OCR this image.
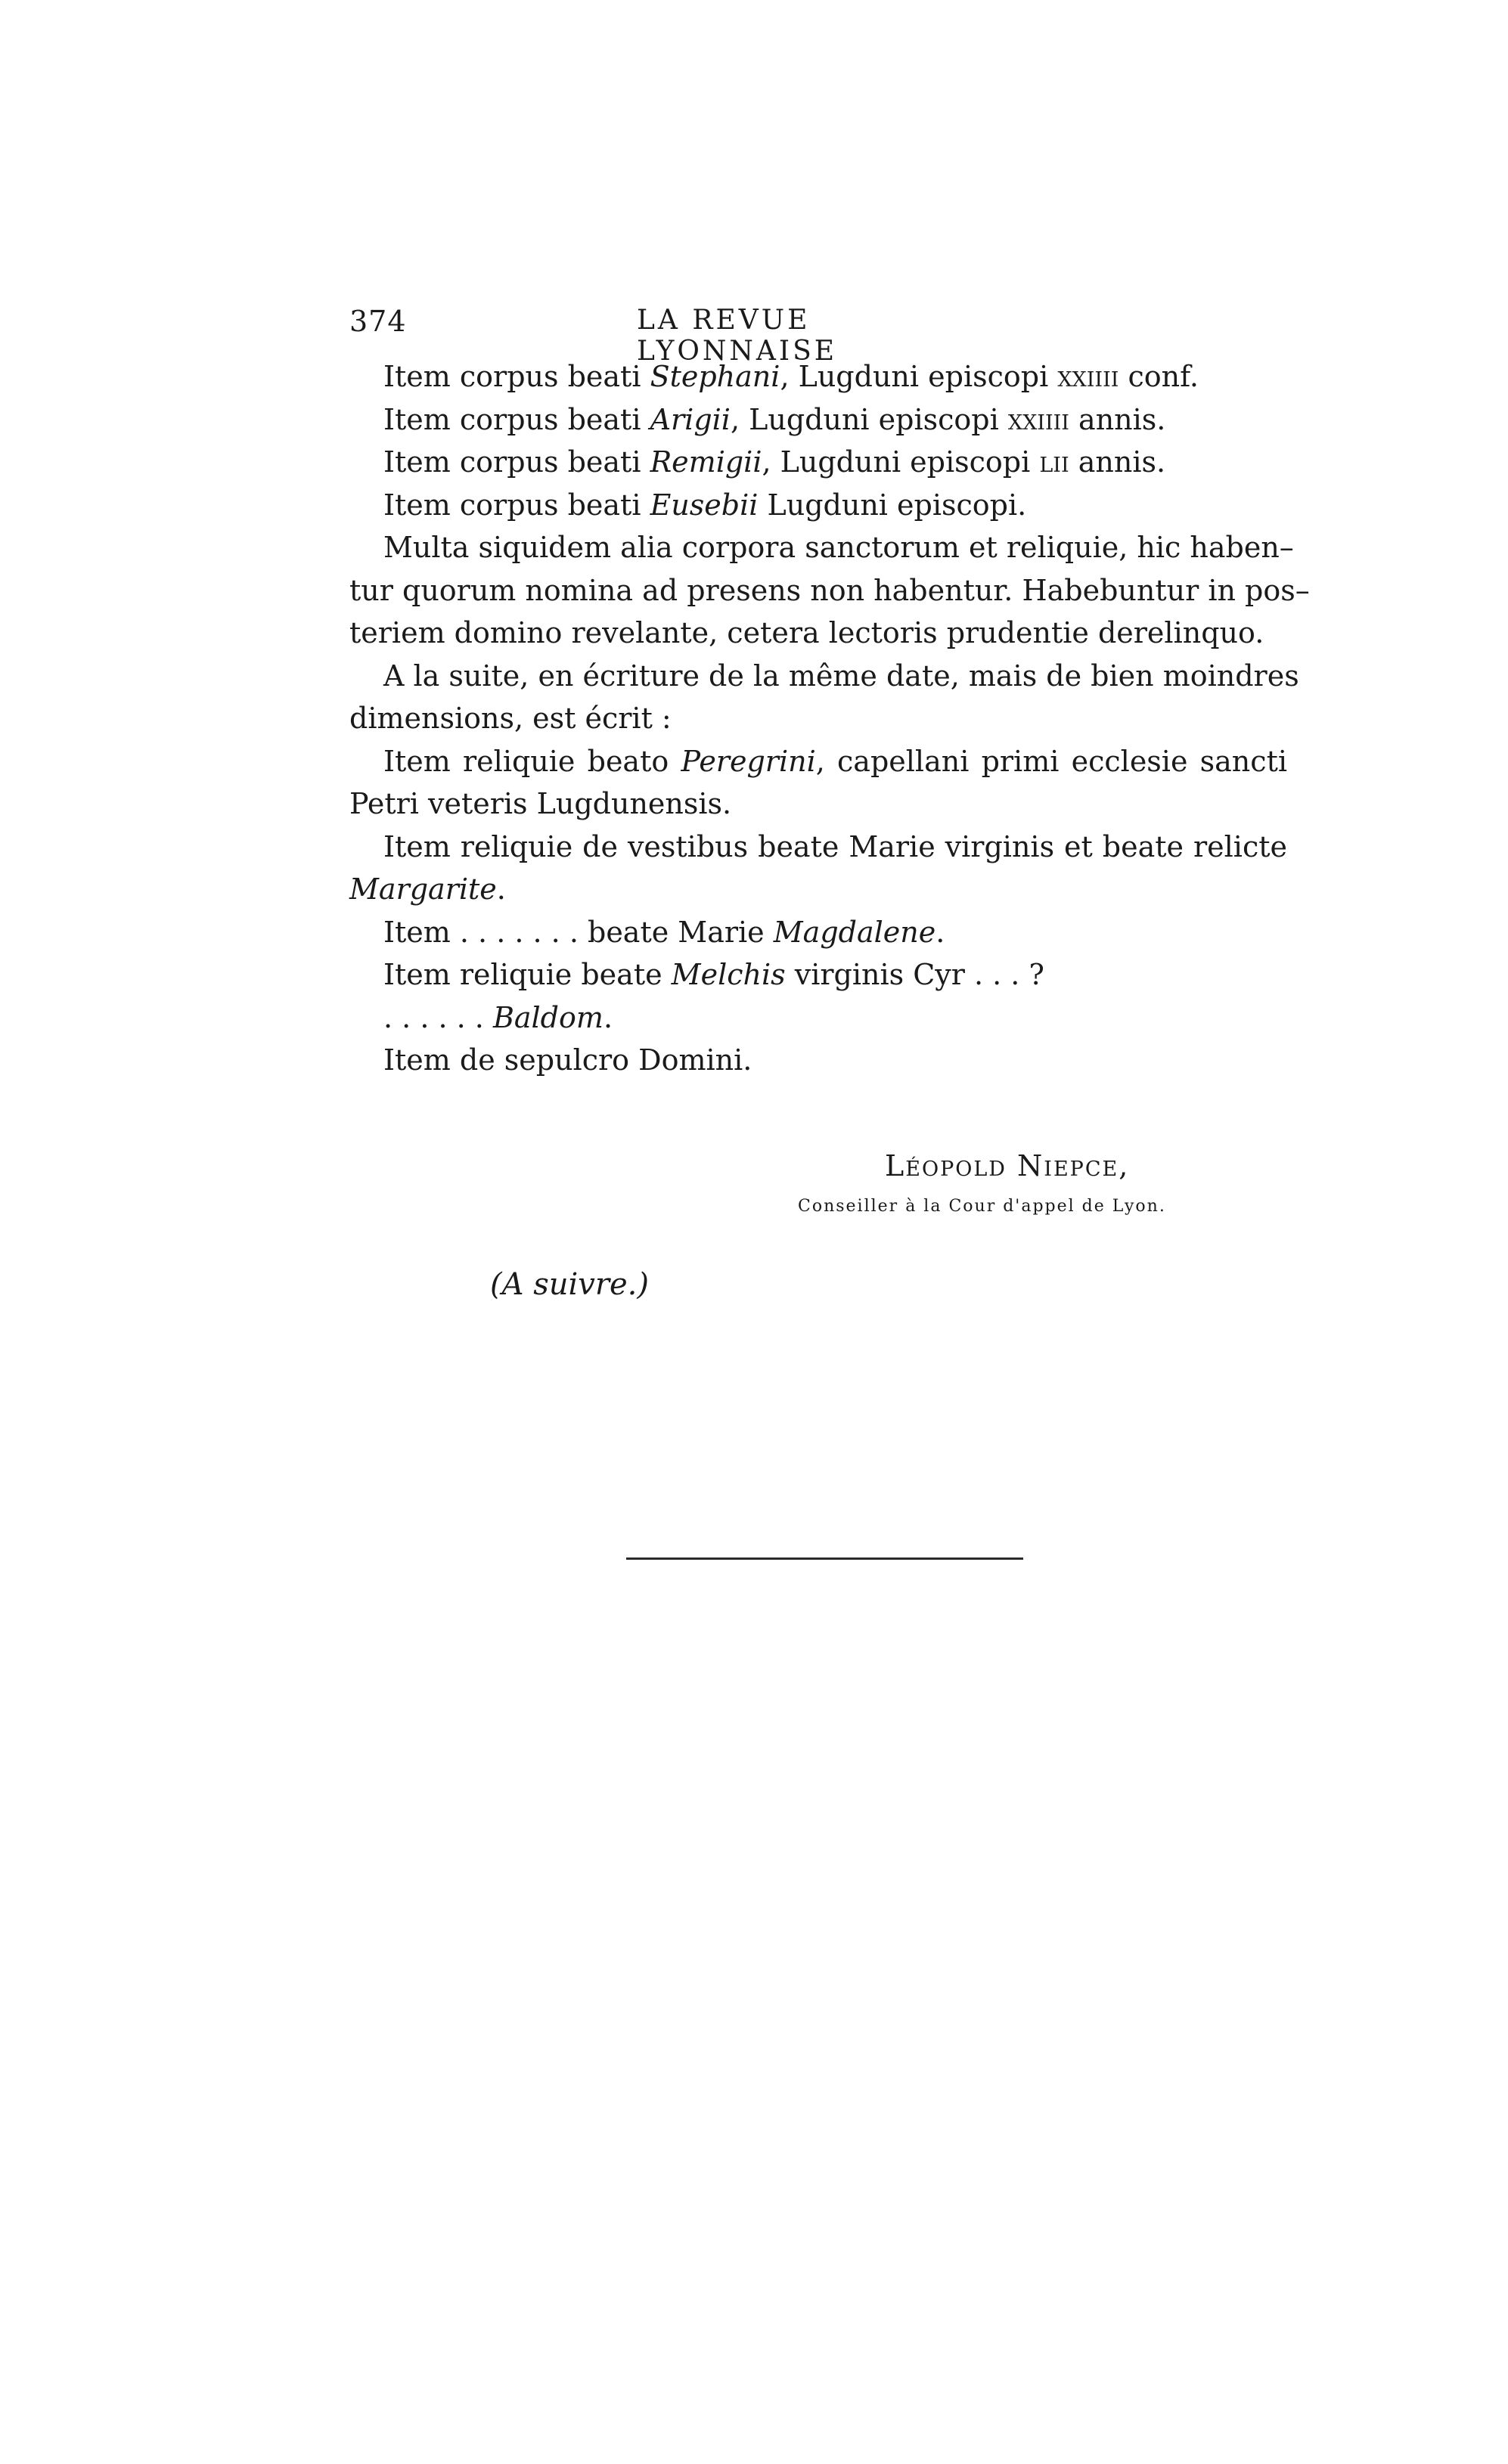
374	LA REVUE LYONNAISE
Item corpus beati Stephani, Lugduni episcopi xxiiii conf.
Item corpus beati Arigii, Lugduni episcopi xxiiii annis.
Item corpus beati Remigii, Lugduni episcopi lii annis.
Item corpus beati Eusebii Lugduni episcopi.
Multa siquidem alia corpora sanctorum et reliquie, hic haben–
tur quorum nomina ad presens non habentur. Habebuntur in pos–
teriem domino revelante, cetera lectoris prudentie derelinquo.
A la suite, en écriture de la même date, mais de bien moindres
dimensions, est écrit :
Item reliquie beato Peregrini, capellani primi ecclesie sancti
Petri veteris Lugdunensis.
Item reliquie de vestibus beate Marie virginis et beate relicte
Margarite.
Item . . . . . . . beate Marie Magdalene.
Item reliquie beate Melchis virginis Cyr . . . ?
. . . . . . Baldom.
Item de sepulcro Domini.
Léopold Niepce,
Conseiller à la Cour d'appel de Lyon.
(A suivre.)
